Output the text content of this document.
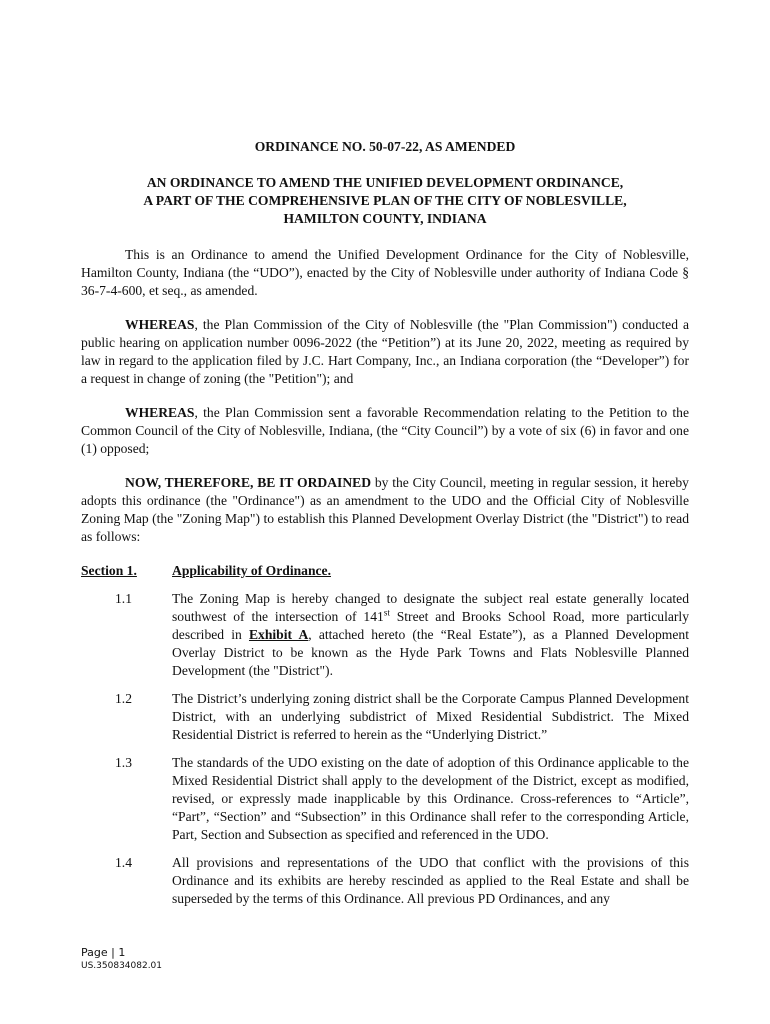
ORDINANCE NO. 50-07-22, AS AMENDED

AN ORDINANCE TO AMEND THE UNIFIED DEVELOPMENT ORDINANCE,

A PART OF THE COMPREHENSIVE PLAN OF THE CITY OF NOBLESVILLE,

HAMILTON COUNTY, INDIANA

This is an Ordinance to amend the Unified Development Ordinance for the City of Noblesville, Hamilton County, Indiana (the “UDO”), enacted by the City of Noblesville under authority of Indiana Code § 36-7-4-600, et seq., as amended.

WHEREAS, the Plan Commission of the City of Noblesville (the "Plan Commission") conducted a public hearing on application number 0096-2022 (the “Petition”) at its June 20, 2022, meeting as required by law in regard to the application filed by J.C. Hart Company, Inc., an Indiana corporation (the “Developer”) for a request in change of zoning (the "Petition"); and

WHEREAS, the Plan Commission sent a favorable Recommendation relating to the Petition to the Common Council of the City of Noblesville, Indiana, (the “City Council”) by a vote of six (6) in favor and one (1) opposed;

NOW, THEREFORE, BE IT ORDAINED by the City Council, meeting in regular session, it hereby adopts this ordinance (the "Ordinance") as an amendment to the UDO and the Official City of Noblesville Zoning Map (the "Zoning Map") to establish this Planned Development Overlay District (the "District") to read as follows:

Section 1.	Applicability of Ordinance.
1.1	The Zoning Map is hereby changed to designate the subject real estate generally located southwest of the intersection of 141st Street and Brooks School Road, more particularly described in Exhibit A, attached hereto (the “Real Estate”), as a Planned Development Overlay District to be known as the Hyde Park Towns and Flats Noblesville Planned Development (the "District").
1.2	The District’s underlying zoning district shall be the Corporate Campus Planned Development District, with an underlying subdistrict of Mixed Residential Subdistrict. The Mixed Residential District is referred to herein as the “Underlying District.”
1.3	The standards of the UDO existing on the date of adoption of this Ordinance applicable to the Mixed Residential District shall apply to the development of the District, except as modified, revised, or expressly made inapplicable by this Ordinance. Cross-references to “Article”, “Part”, “Section” and “Subsection” in this Ordinance shall refer to the corresponding Article, Part, Section and Subsection as specified and referenced in the UDO.
1.4	All provisions and representations of the UDO that conflict with the provisions of this Ordinance and its exhibits are hereby rescinded as applied to the Real Estate and shall be superseded by the terms of this Ordinance. All previous PD Ordinances, and any
Page | 1
US.350834082.01
